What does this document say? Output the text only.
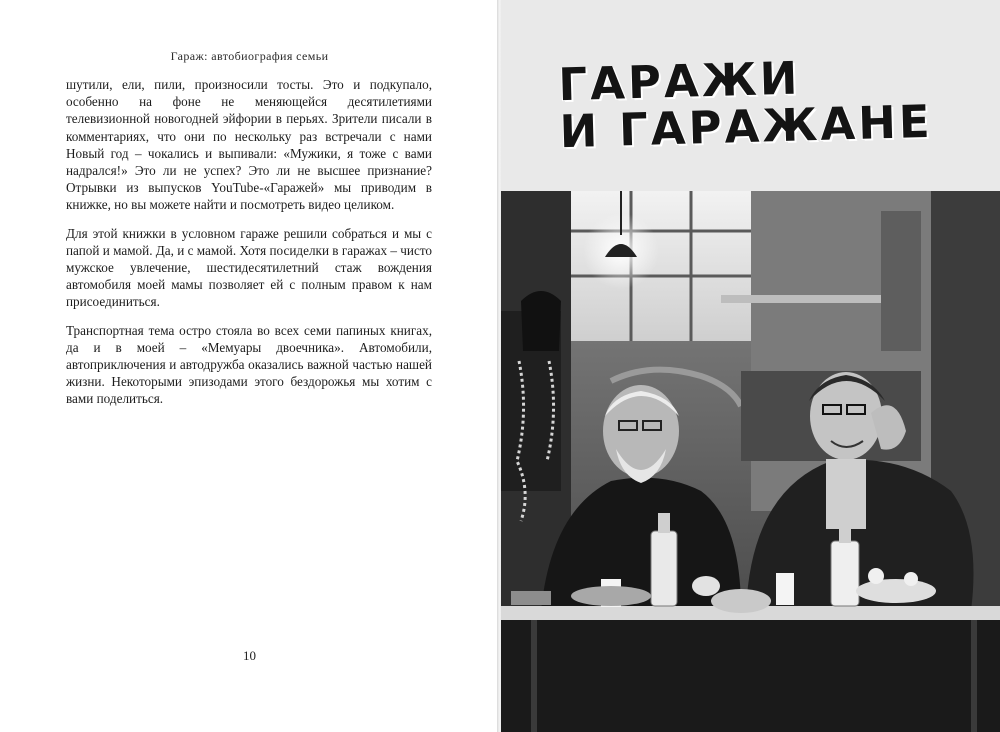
Гараж: автобиография семьи

шутили, ели, пили, произносили тосты. Это и подкупало, особенно на фоне не меняющейся десятилетиями телевизионной новогодней эйфории в перьях. Зрители писали в комментариях, что они по нескольку раз встречали с нами Новый год – чокались и выпивали: «Мужики, я тоже с вами надрался!» Это ли не успех? Это ли не высшее признание? Отрывки из выпусков YouTube-«Гаражей» мы приводим в книжке, но вы можете найти и посмотреть видео целиком.

Для этой книжки в условном гараже решили собраться и мы с папой и мамой. Да, и с мамой. Хотя посиделки в гаражах – чисто мужское увлечение, шестидесятилетний стаж вождения автомобиля моей мамы позволяет ей с полным правом к нам присоединиться.

Транспортная тема остро стояла во всех семи папиных книгах, да и в моей – «Мемуары двоечника». Автомобили, автоприключения и автодружба оказались важной частью нашей жизни. Некоторыми эпизодами этого бездорожья мы хотим с вами поделиться.

10
ГАРАЖИ
И ГАРАЖАНЕ
